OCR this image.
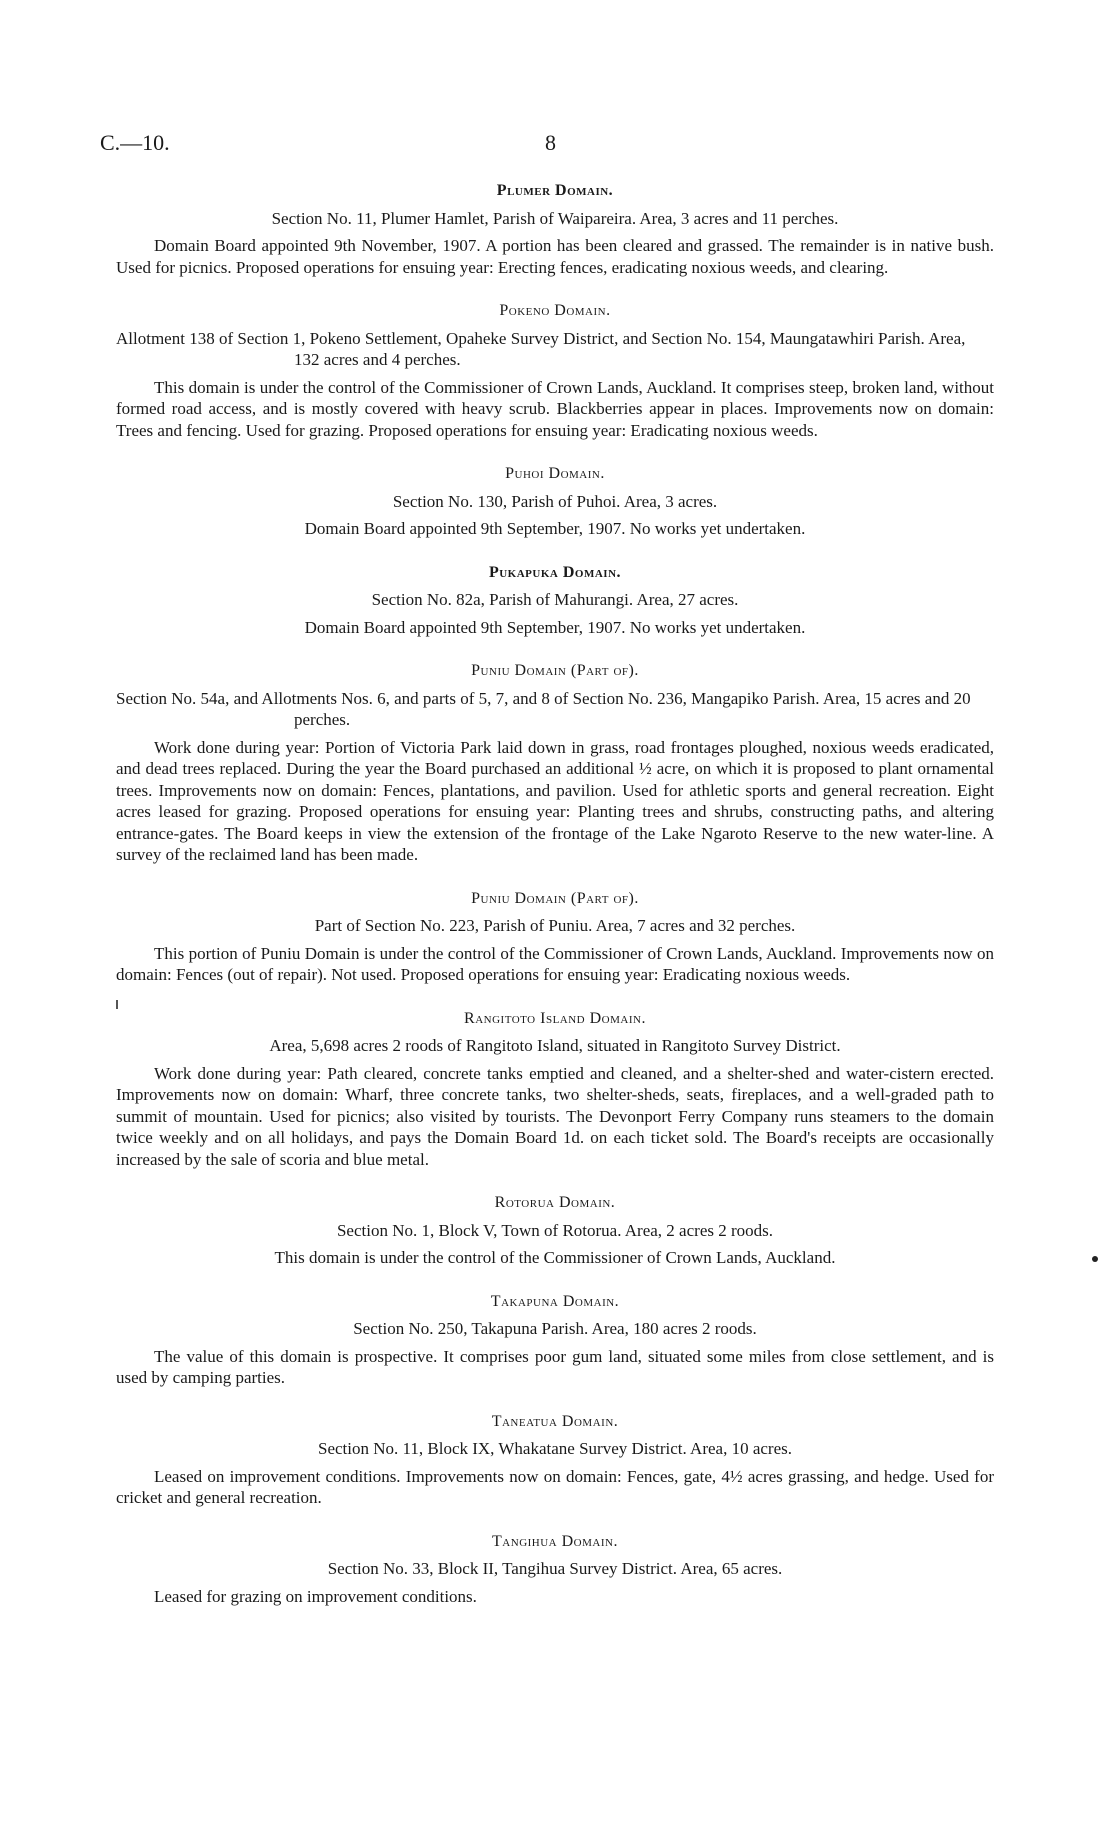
C.—10.	8
Plumer Domain.
Section No. 11, Plumer Hamlet, Parish of Waipareira. Area, 3 acres and 11 perches.

Domain Board appointed 9th November, 1907. A portion has been cleared and grassed. The remainder is in native bush. Used for picnics. Proposed operations for ensuing year: Erecting fences, eradicating noxious weeds, and clearing.

Pokeno Domain.
Allotment 138 of Section 1, Pokeno Settlement, Opaheke Survey District, and Section No. 154, Maungatawhiri Parish. Area, 132 acres and 4 perches.

This domain is under the control of the Commissioner of Crown Lands, Auckland. It comprises steep, broken land, without formed road access, and is mostly covered with heavy scrub. Blackberries appear in places. Improvements now on domain: Trees and fencing. Used for grazing. Proposed operations for ensuing year: Eradicating noxious weeds.

Puhoi Domain.
Section No. 130, Parish of Puhoi. Area, 3 acres.

Domain Board appointed 9th September, 1907. No works yet undertaken.

Pukapuka Domain.
Section No. 82a, Parish of Mahurangi. Area, 27 acres.

Domain Board appointed 9th September, 1907. No works yet undertaken.

Puniu Domain (Part of).
Section No. 54a, and Allotments Nos. 6, and parts of 5, 7, and 8 of Section No. 236, Mangapiko Parish. Area, 15 acres and 20 perches.

Work done during year: Portion of Victoria Park laid down in grass, road frontages ploughed, noxious weeds eradicated, and dead trees replaced. During the year the Board purchased an additional ½ acre, on which it is proposed to plant ornamental trees. Improvements now on domain: Fences, plantations, and pavilion. Used for athletic sports and general recreation. Eight acres leased for grazing. Proposed operations for ensuing year: Planting trees and shrubs, constructing paths, and altering entrance-gates. The Board keeps in view the extension of the frontage of the Lake Ngaroto Reserve to the new water-line. A survey of the reclaimed land has been made.

Puniu Domain (Part of).
Part of Section No. 223, Parish of Puniu. Area, 7 acres and 32 perches.

This portion of Puniu Domain is under the control of the Commissioner of Crown Lands, Auckland. Improvements now on domain: Fences (out of repair). Not used. Proposed operations for ensuing year: Eradicating noxious weeds.

Rangitoto Island Domain.
Area, 5,698 acres 2 roods of Rangitoto Island, situated in Rangitoto Survey District.

Work done during year: Path cleared, concrete tanks emptied and cleaned, and a shelter-shed and water-cistern erected. Improvements now on domain: Wharf, three concrete tanks, two shelter-sheds, seats, fireplaces, and a well-graded path to summit of mountain. Used for picnics; also visited by tourists. The Devonport Ferry Company runs steamers to the domain twice weekly and on all holidays, and pays the Domain Board 1d. on each ticket sold. The Board's receipts are occasionally increased by the sale of scoria and blue metal.

Rotorua Domain.
Section No. 1, Block V, Town of Rotorua. Area, 2 acres 2 roods.

This domain is under the control of the Commissioner of Crown Lands, Auckland.

Takapuna Domain.
Section No. 250, Takapuna Parish. Area, 180 acres 2 roods.

The value of this domain is prospective. It comprises poor gum land, situated some miles from close settlement, and is used by camping parties.

Taneatua Domain.
Section No. 11, Block IX, Whakatane Survey District. Area, 10 acres.

Leased on improvement conditions. Improvements now on domain: Fences, gate, 4½ acres grassing, and hedge. Used for cricket and general recreation.

Tangihua Domain.
Section No. 33, Block II, Tangihua Survey District. Area, 65 acres.

Leased for grazing on improvement conditions.
